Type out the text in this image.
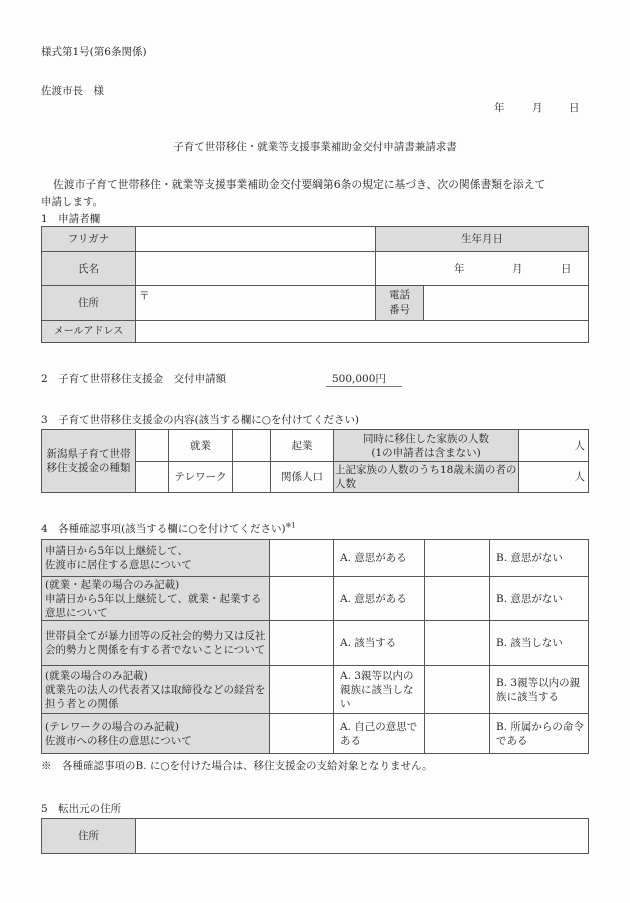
様式第1号(第6条関係)
佐渡市長　様
年	月	日
子育て世帯移住・就業等支援事業補助金交付申請書兼請求書
佐渡市子育て世帯移住・就業等支援事業補助金交付要綱第6条の規定に基づき、次の関係書類を添えて
申請します。
1　申請者欄
フリガナ		生年月日	
氏名		年 月 日	

住所	〒	電話
番号	
メールアドレス			
2　子育て世帯移住支援金　交付申請額	500,000円
3　子育て世帯移住支援金の内容(該当する欄に○を付けてください)
新潟県子育て世帯移住支援金の種類		就業		起業	同時に移住した家族の人数
(1の申請者は含まない)	人
		テレワーク		関係人口	上記家族の人数のうち18歳未満の者の人数	人
4　各種確認事項(該当する欄に○を付けてください)$^{※1}$
申請日から5年以上継続して、
佐渡市に居住する意思について		A. 意思がある		B. 意思がない
(就業・起業の場合のみ記載)
申請日から5年以上継続して、就業・起業する意思について		A. 意思がある		B. 意思がない
世帯員全てが暴力団等の反社会的勢力又は反社会的勢力と関係を有する者でないことについて		A. 該当する		B. 該当しない
(就業の場合のみ記載)
就業先の法人の代表者又は取締役などの経営を担う者との関係		A. 3親等以内の親族に該当しない		B. 3親等以内の親族に該当する
(テレワークの場合のみ記載)
佐渡市への移住の意思について		A. 自己の意思である		B. 所属からの命令である
※　各種確認事項のB. に○を付けた場合は、移住支援金の支給対象となりません。
5　転出元の住所
住所	
